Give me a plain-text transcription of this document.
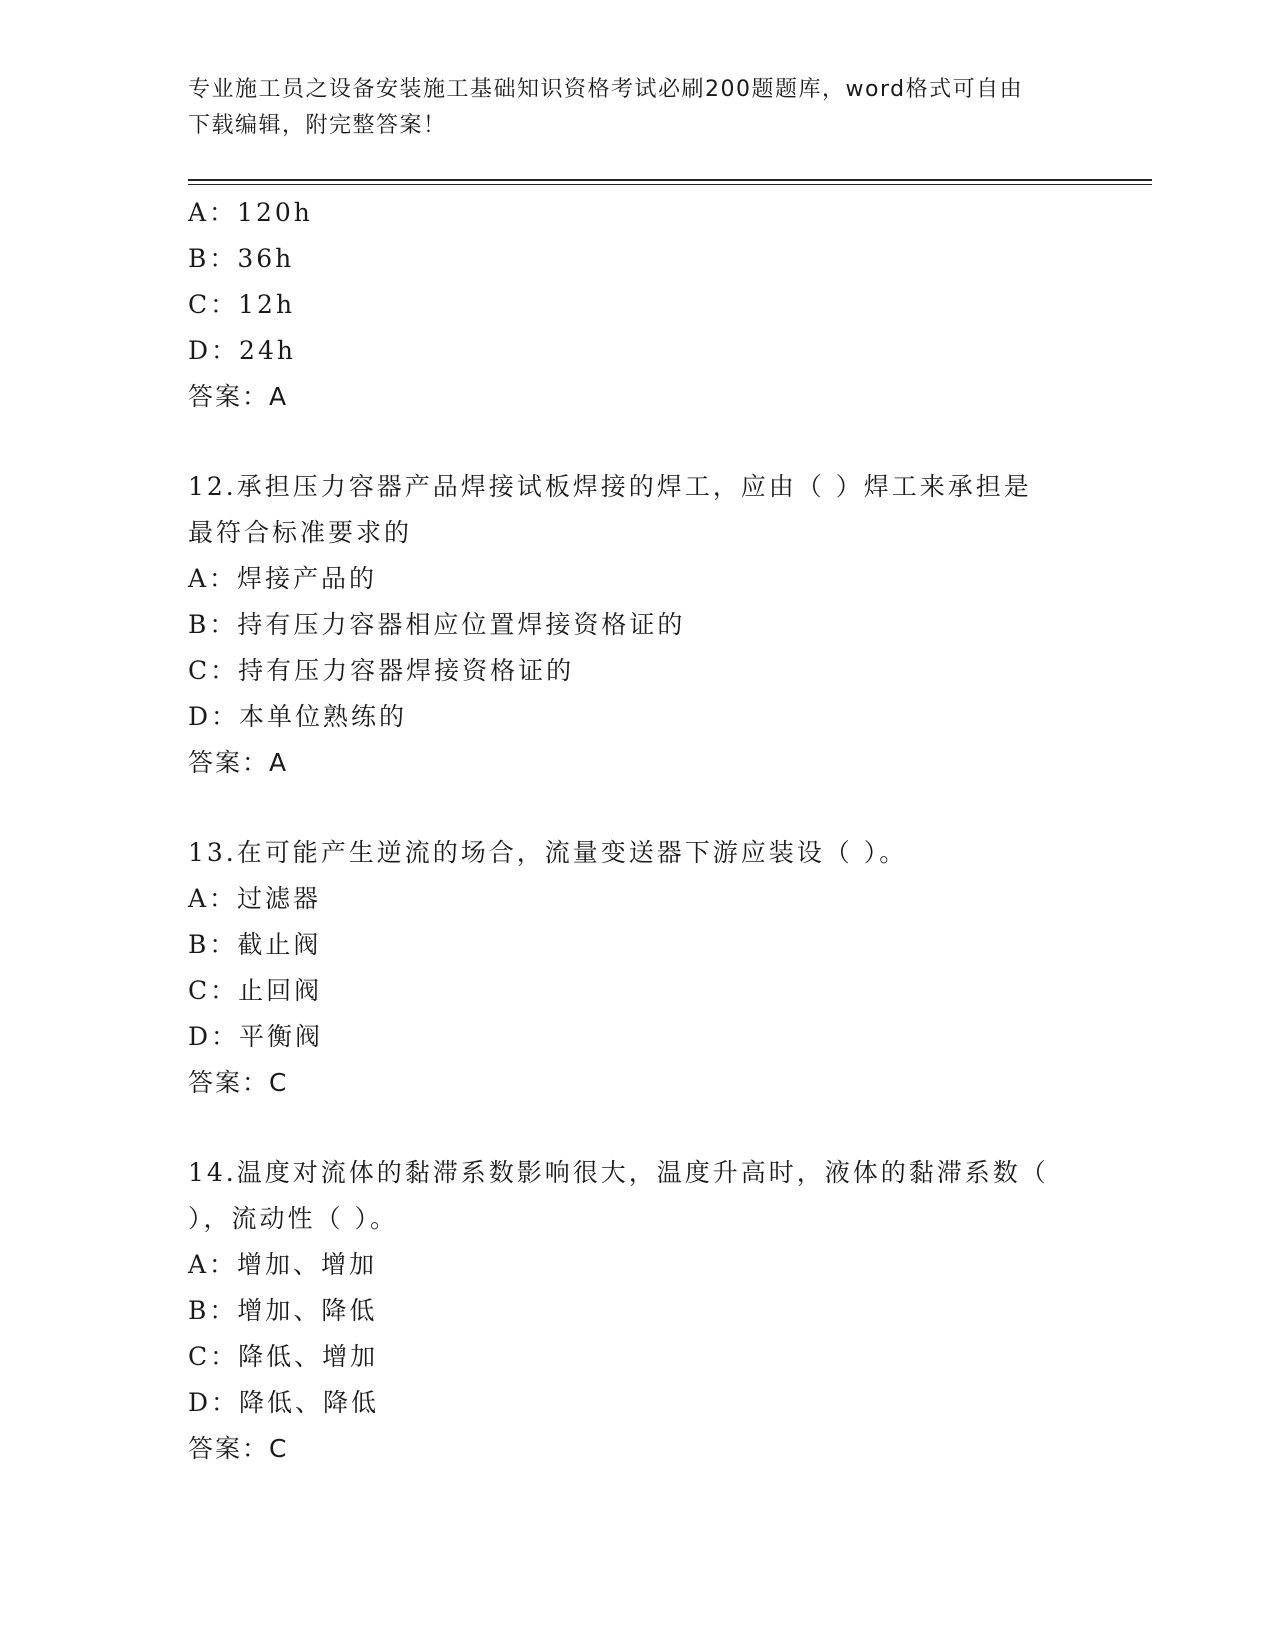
专业施工员之设备安装施工基础知识资格考试必刷200题题库，word格式可自由
下载编辑，附完整答案！
A：120h
B：36h
C：12h
D：24h
答案：A
12.承担压力容器产品焊接试板焊接的焊工，应由（ ）焊工来承担是
最符合标准要求的
A：焊接产品的
B：持有压力容器相应位置焊接资格证的
C：持有压力容器焊接资格证的
D：本单位熟练的
答案：A
13.在可能产生逆流的场合，流量变送器下游应装设（ ）。
A：过滤器
B：截止阀
C：止回阀
D：平衡阀
答案：C
14.温度对流体的黏滞系数影响很大，温度升高时，液体的黏滞系数（
），流动性（ ）。
A：增加、增加
B：增加、降低
C：降低、增加
D：降低、降低
答案：C
